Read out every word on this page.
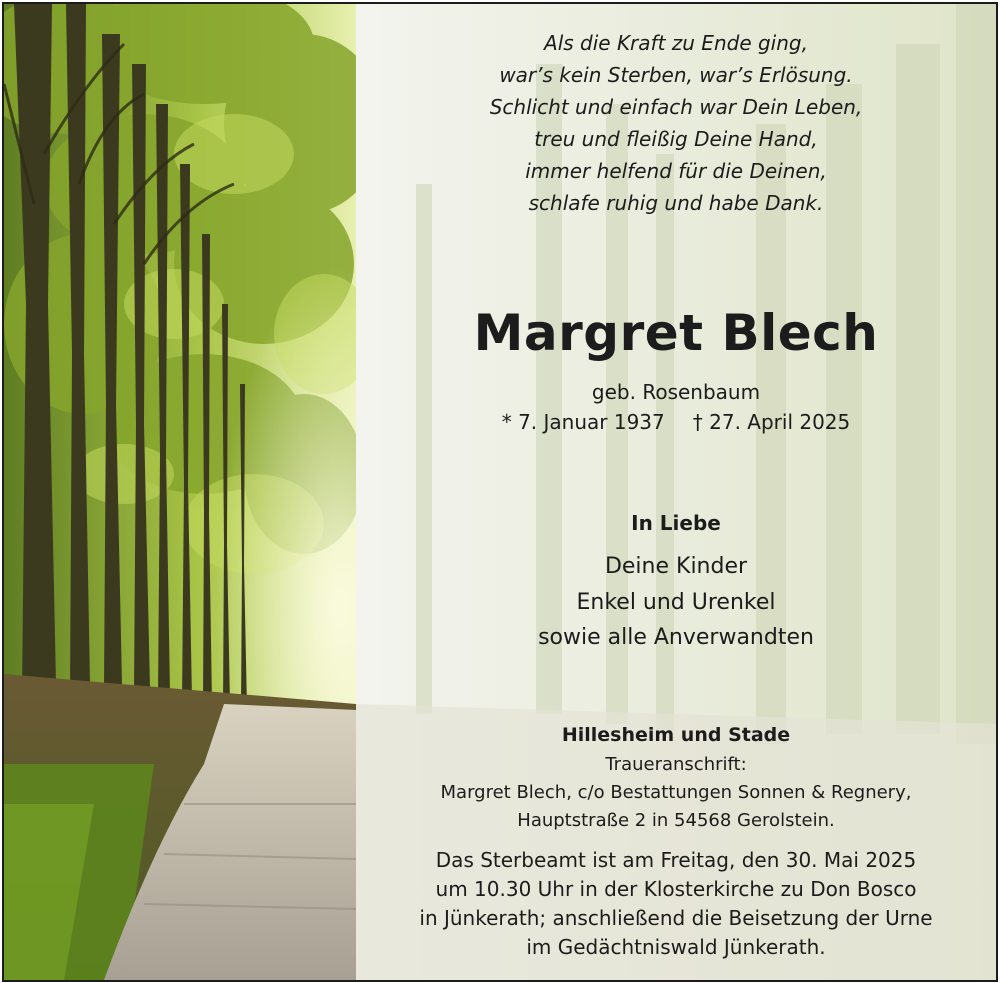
Als die Kraft zu Ende ging,
war’s kein Sterben, war’s Erlösung.
Schlicht und einfach war Dein Leben,
treu und fleißig Deine Hand,
immer helfend für die Deinen,
schlafe ruhig und habe Dank.
Margret Blech
geb. Rosenbaum
* 7. Januar 1937 † 27. April 2025
In Liebe
Deine Kinder
Enkel und Urenkel
sowie alle Anverwandten
Hillesheim und Stade
Traueranschrift:
Margret Blech, c/o Bestattungen Sonnen & Regnery,
Hauptstraße 2 in 54568 Gerolstein.
Das Sterbeamt ist am Freitag, den 30. Mai 2025
um 10.30 Uhr in der Klosterkirche zu Don Bosco
in Jünkerath; anschließend die Beisetzung der Urne
im Gedächtniswald Jünkerath.
